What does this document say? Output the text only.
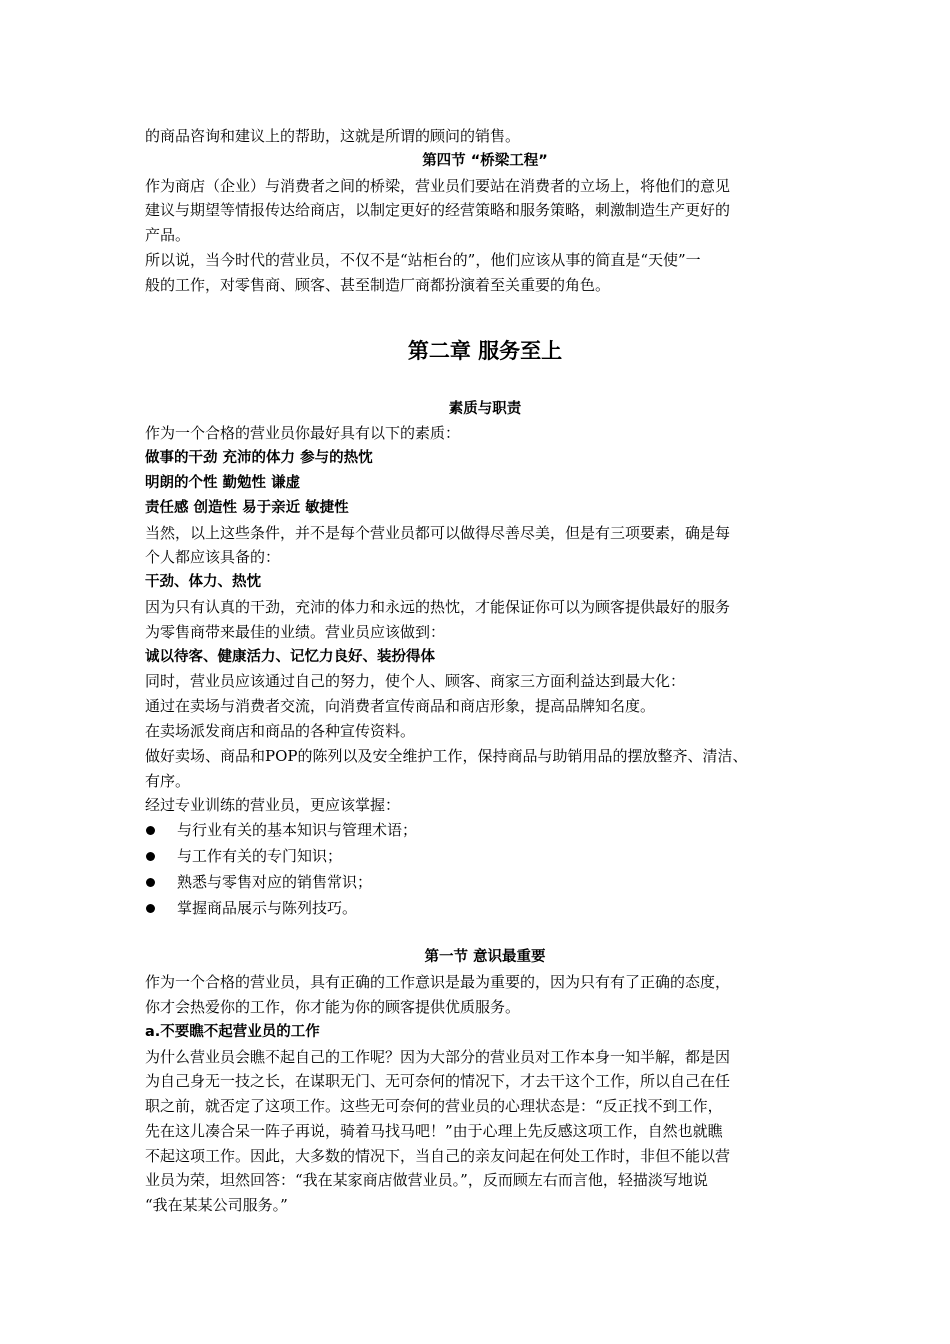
的商品咨询和建议上的帮助，这就是所谓的顾问的销售。

第四节 “桥梁工程”

作为商店（企业）与消费者之间的桥梁，营业员们要站在消费者的立场上，将他们的意见

建议与期望等情报传达给商店，以制定更好的经营策略和服务策略，刺激制造生产更好的

产品。

所以说，当今时代的营业员，不仅不是“站柜台的”，他们应该从事的简直是“天使”一

般的工作，对零售商、顾客、甚至制造厂商都扮演着至关重要的角色。

第二章 服务至上

素质与职责

作为一个合格的营业员你最好具有以下的素质：

做事的干劲 充沛的体力 参与的热忱

明朗的个性 勤勉性 谦虚

责任感 创造性 易于亲近 敏捷性

当然，以上这些条件，并不是每个营业员都可以做得尽善尽美，但是有三项要素，确是每

个人都应该具备的：

干劲、体力、热忱

因为只有认真的干劲，充沛的体力和永远的热忱，才能保证你可以为顾客提供最好的服务

为零售商带来最佳的业绩。营业员应该做到：

诚以待客、健康活力、记忆力良好、装扮得体

同时，营业员应该通过自己的努力，使个人、顾客、商家三方面利益达到最大化：

通过在卖场与消费者交流，向消费者宣传商品和商店形象，提高品牌知名度。

在卖场派发商店和商品的各种宣传资料。

做好卖场、商品和POP的陈列以及安全维护工作，保持商品与助销用品的摆放整齐、清洁、

有序。

经过专业训练的营业员，更应该掌握：

与行业有关的基本知识与管理术语；

与工作有关的专门知识；

熟悉与零售对应的销售常识；

掌握商品展示与陈列技巧。

第一节 意识最重要

作为一个合格的营业员，具有正确的工作意识是最为重要的，因为只有有了正确的态度，

你才会热爱你的工作，你才能为你的顾客提供优质服务。

a.不要瞧不起营业员的工作

为什么营业员会瞧不起自己的工作呢？因为大部分的营业员对工作本身一知半解，都是因

为自己身无一技之长，在谋职无门、无可奈何的情况下，才去干这个工作，所以自己在任

职之前，就否定了这项工作。这些无可奈何的营业员的心理状态是：“反正找不到工作，

先在这儿凑合呆一阵子再说，骑着马找马吧！”由于心理上先反感这项工作，自然也就瞧

不起这项工作。因此，大多数的情况下，当自己的亲友问起在何处工作时，非但不能以营

业员为荣，坦然回答：“我在某家商店做营业员。”，反而顾左右而言他，轻描淡写地说

“我在某某公司服务。”
